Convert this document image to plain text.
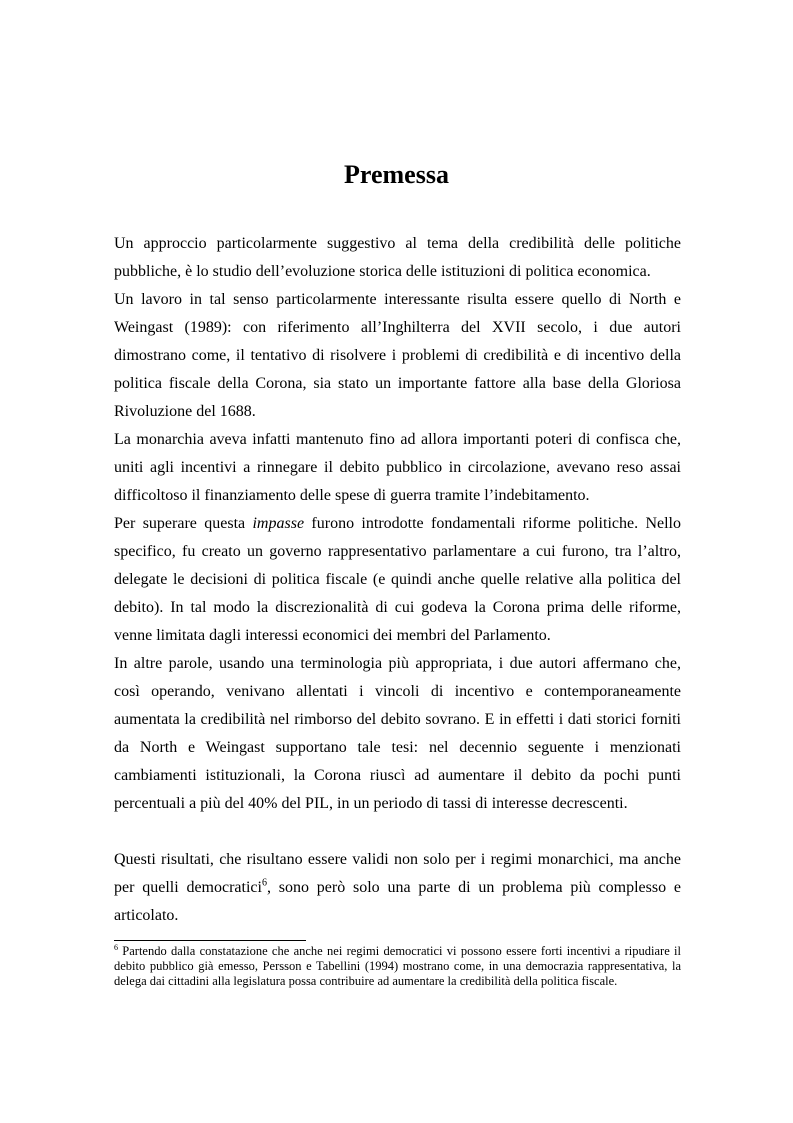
Premessa

Un approccio particolarmente suggestivo al tema della credibilità delle politiche pubbliche, è lo studio dell’evoluzione storica delle istituzioni di politica economica.

Un lavoro in tal senso particolarmente interessante risulta essere quello di North e Weingast (1989): con riferimento all’Inghilterra del XVII secolo, i due autori dimostrano come, il tentativo di risolvere i problemi di credibilità e di incentivo della politica fiscale della Corona, sia stato un importante fattore alla base della Gloriosa Rivoluzione del 1688.

La monarchia aveva infatti mantenuto fino ad allora importanti poteri di confisca che, uniti agli incentivi a rinnegare il debito pubblico in circolazione, avevano reso assai difficoltoso il finanziamento delle spese di guerra tramite l’indebitamento.

Per superare questa impasse furono introdotte fondamentali riforme politiche. Nello specifico, fu creato un governo rappresentativo parlamentare a cui furono, tra l’altro, delegate le decisioni di politica fiscale (e quindi anche quelle relative alla politica del debito). In tal modo la discrezionalità di cui godeva la Corona prima delle riforme, venne limitata dagli interessi economici dei membri del Parlamento.

In altre parole, usando una terminologia più appropriata, i due autori affermano che, così operando, venivano allentati i vincoli di incentivo e contemporaneamente aumentata la credibilità nel rimborso del debito sovrano. E in effetti i dati storici forniti da North e Weingast supportano tale tesi: nel decennio seguente i menzionati cambiamenti istituzionali, la Corona riuscì ad aumentare il debito da pochi punti percentuali a più del 40% del PIL, in un periodo di tassi di interesse decrescenti.

Questi risultati, che risultano essere validi non solo per i regimi monarchici, ma anche per quelli democratici$^6$, sono però solo una parte di un problema più complesso e articolato.

$^6$ Partendo dalla constatazione che anche nei regimi democratici vi possono essere forti incentivi a ripudiare il debito pubblico già emesso, Persson e Tabellini (1994) mostrano come, in una democrazia rappresentativa, la delega dai cittadini alla legislatura possa contribuire ad aumentare la credibilità della politica fiscale.
